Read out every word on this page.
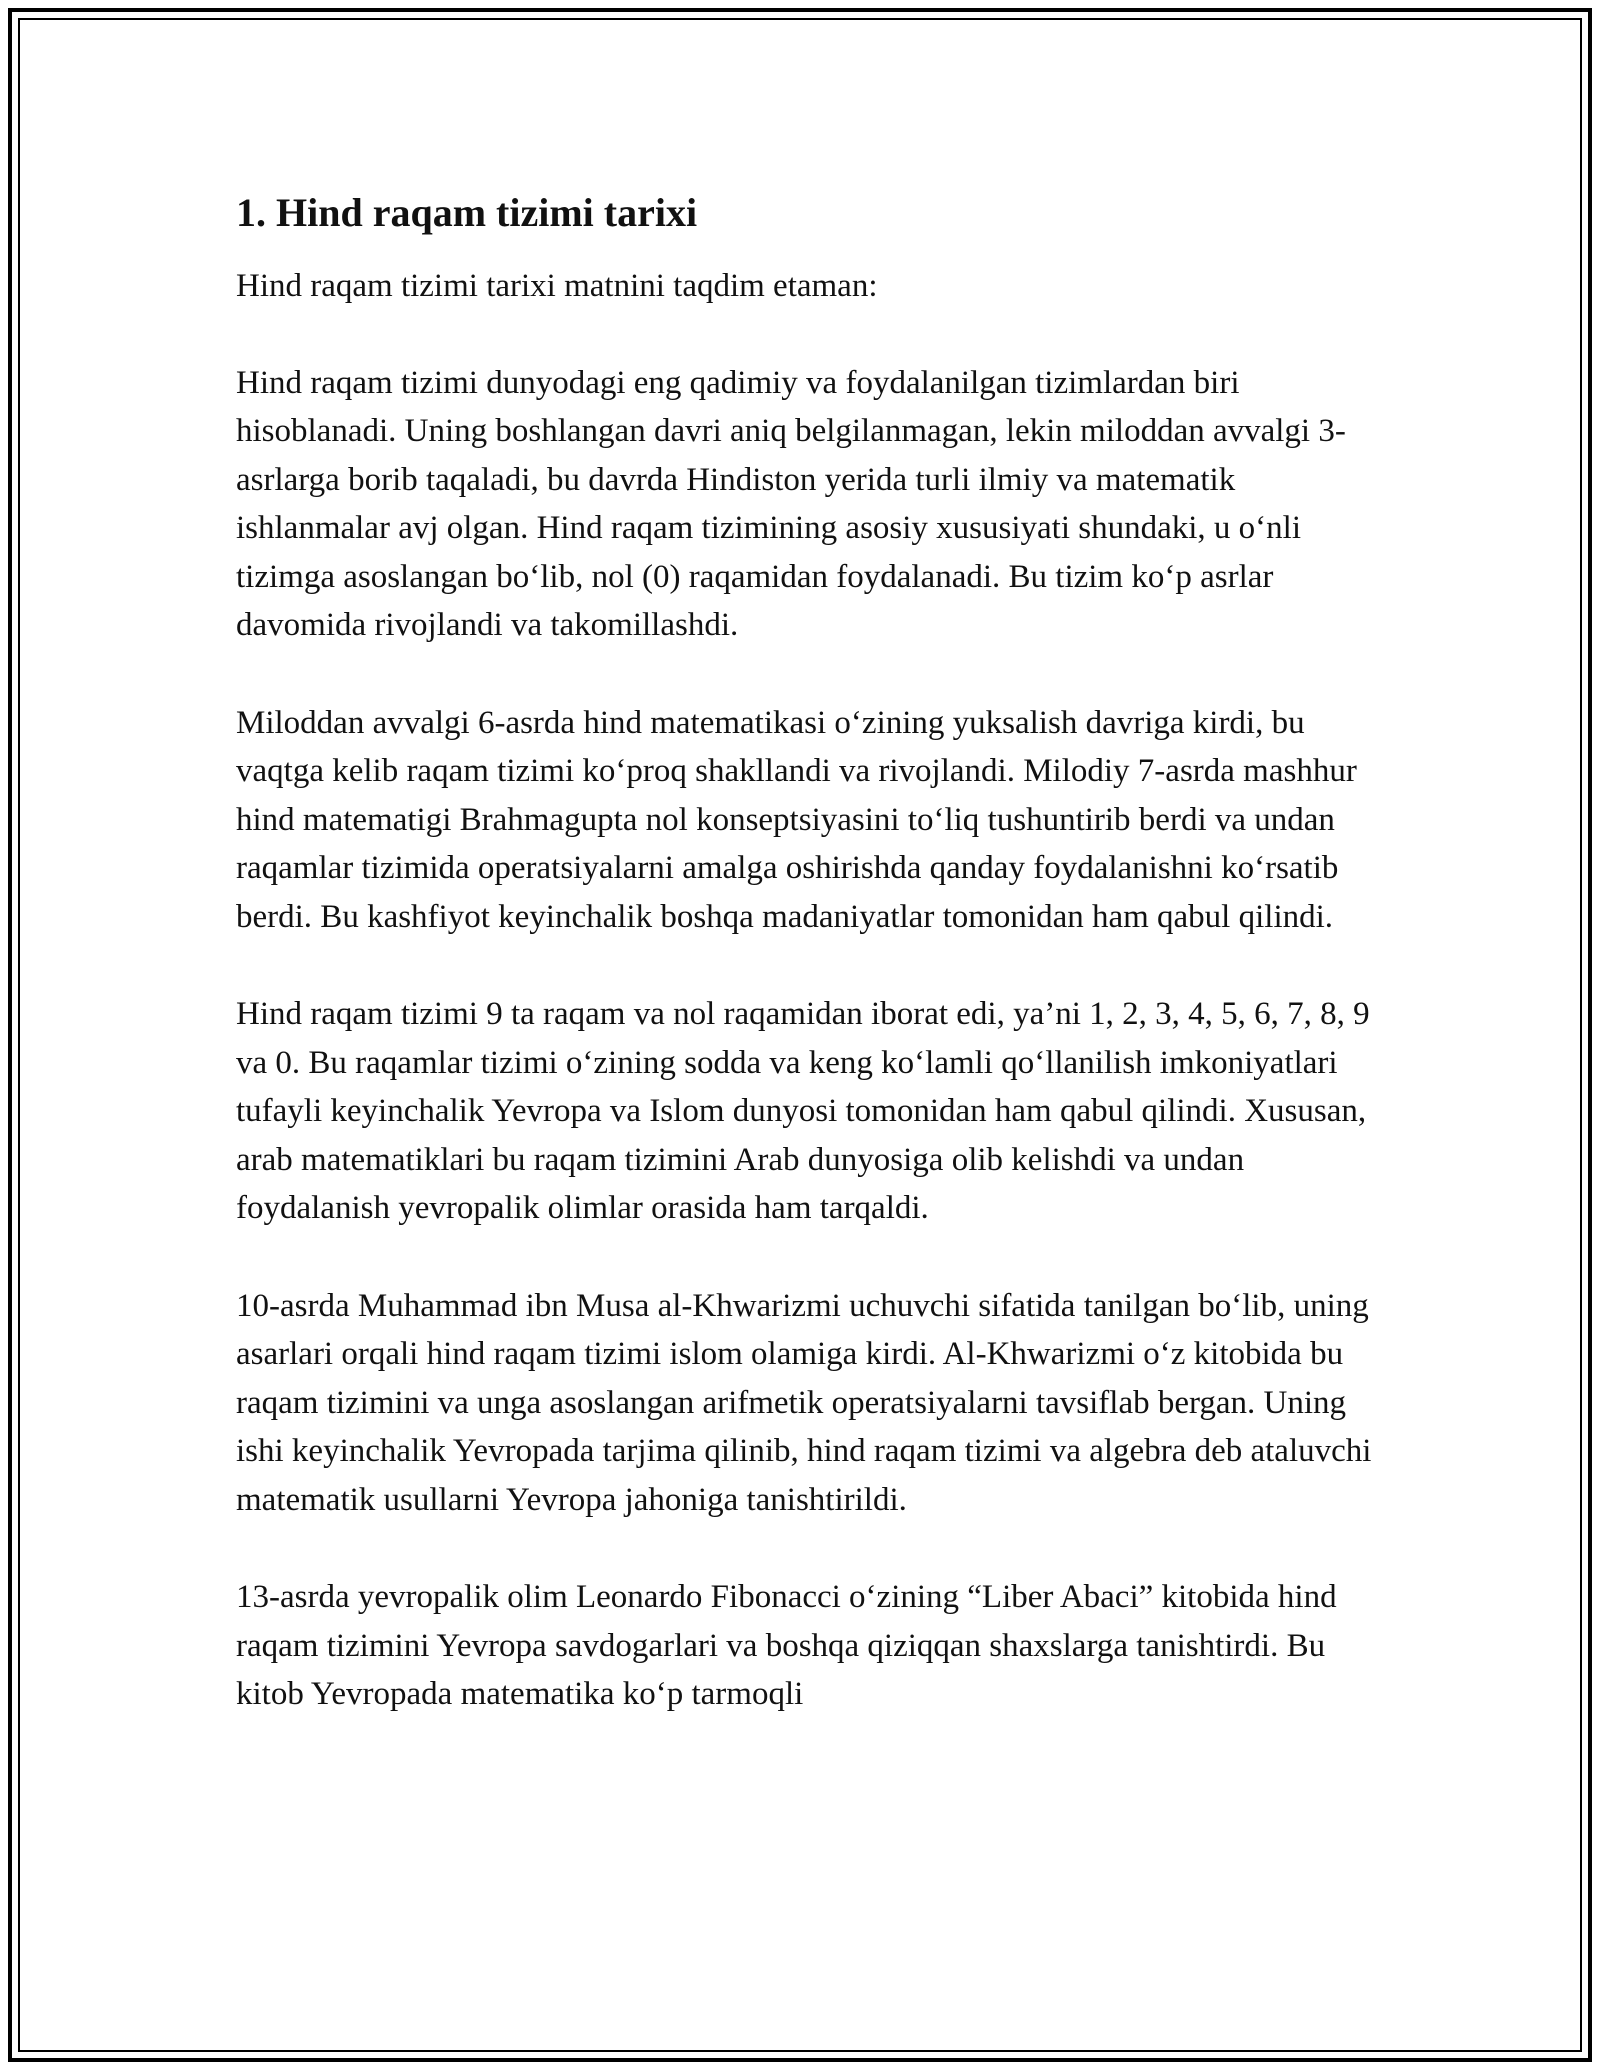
1. Hind raqam tizimi tarixi

Hind raqam tizimi tarixi matnini taqdim etaman:

Hind raqam tizimi dunyodagi eng qadimiy va foydalanilgan tizimlardan biri hisoblanadi. Uning boshlangan davri aniq belgilanmagan, lekin miloddan avvalgi 3-asrlarga borib taqaladi, bu davrda Hindiston yerida turli ilmiy va matematik ishlanmalar avj olgan. Hind raqam tizimining asosiy xususiyati shundaki, u o‘nli tizimga asoslangan bo‘lib, nol (0) raqamidan foydalanadi. Bu tizim ko‘p asrlar davomida rivojlandi va takomillashdi.

Miloddan avvalgi 6-asrda hind matematikasi o‘zining yuksalish davriga kirdi, bu vaqtga kelib raqam tizimi ko‘proq shakllandi va rivojlandi. Milodiy 7-asrda mashhur hind matematigi Brahmagupta nol konseptsiyasini to‘liq tushuntirib berdi va undan raqamlar tizimida operatsiyalarni amalga oshirishda qanday foydalanishni ko‘rsatib berdi. Bu kashfiyot keyinchalik boshqa madaniyatlar tomonidan ham qabul qilindi.

Hind raqam tizimi 9 ta raqam va nol raqamidan iborat edi, ya’ni 1, 2, 3, 4, 5, 6, 7, 8, 9 va 0. Bu raqamlar tizimi o‘zining sodda va keng ko‘lamli qo‘llanilish imkoniyatlari tufayli keyinchalik Yevropa va Islom dunyosi tomonidan ham qabul qilindi. Xususan, arab matematiklari bu raqam tizimini Arab dunyosiga olib kelishdi va undan foydalanish yevropalik olimlar orasida ham tarqaldi.

10-asrda Muhammad ibn Musa al-Khwarizmi uchuvchi sifatida tanilgan bo‘lib, uning asarlari orqali hind raqam tizimi islom olamiga kirdi. Al-Khwarizmi o‘z kitobida bu raqam tizimini va unga asoslangan arifmetik operatsiyalarni tavsiflab bergan. Uning ishi keyinchalik Yevropada tarjima qilinib, hind raqam tizimi va algebra deb ataluvchi matematik usullarni Yevropa jahoniga tanishtirildi.

13-asrda yevropalik olim Leonardo Fibonacci o‘zining “Liber Abaci” kitobida hind raqam tizimini Yevropa savdogarlari va boshqa qiziqqan shaxslarga tanishtirdi. Bu kitob Yevropada matematika ko‘p tarmoqli
